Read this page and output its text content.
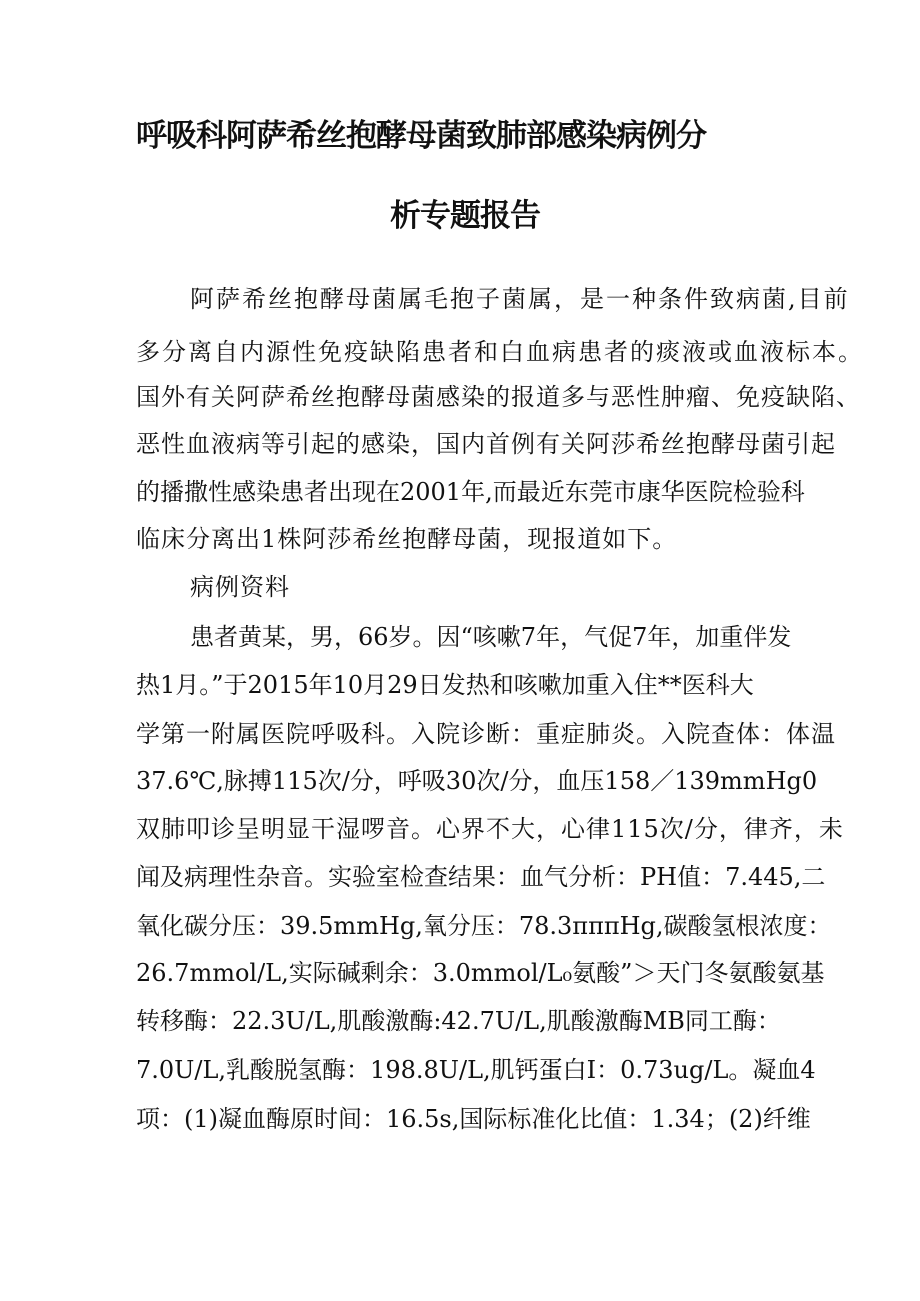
呼吸科阿萨希丝抱酵母菌致肺部感染病例分
析专题报告

阿萨希丝抱酵母菌属毛抱子菌属，是一种条件致病菌,目前

多分离自内源性免疫缺陷患者和白血病患者的痰液或血液标本。

国外有关阿萨希丝抱酵母菌感染的报道多与恶性肿瘤、免疫缺陷、

恶性血液病等引起的感染，国内首例有关阿莎希丝抱酵母菌引起

的播撒性感染患者出现在2001年,而最近东莞市康华医院检验科

临床分离出1株阿莎希丝抱酵母菌，现报道如下。

病例资料

患者黄某，男，66岁。因“咳嗽7年，气促7年，加重伴发

热1月。”于2015年10月29日发热和咳嗽加重入住**医科大

学第一附属医院呼吸科。入院诊断：重症肺炎。入院查体：体温

37.6℃,脉搏115次/分，呼吸30次/分，血压158／139mmHg0

双肺叩诊呈明显干湿啰音。心界不大，心律115次/分，律齐，未

闻及病理性杂音。实验室检查结果：血气分析：PH值：7.445,二

氧化碳分压：39.5mmHg,氧分压：78.3πππHg,碳酸氢根浓度：

26.7mmol/L,实际碱剩余：3.0mmol/L₀氨酸”＞天门冬氨酸氨基

转移酶：22.3U/L,肌酸激酶:42.7U/L,肌酸激酶MB同工酶：

7.0U/L,乳酸脱氢酶：198.8U/L,肌钙蛋白I：0.73ug/L。凝血4

项：(1)凝血酶原时间：16.5s,国际标准化比值：1.34；(2)纤维
